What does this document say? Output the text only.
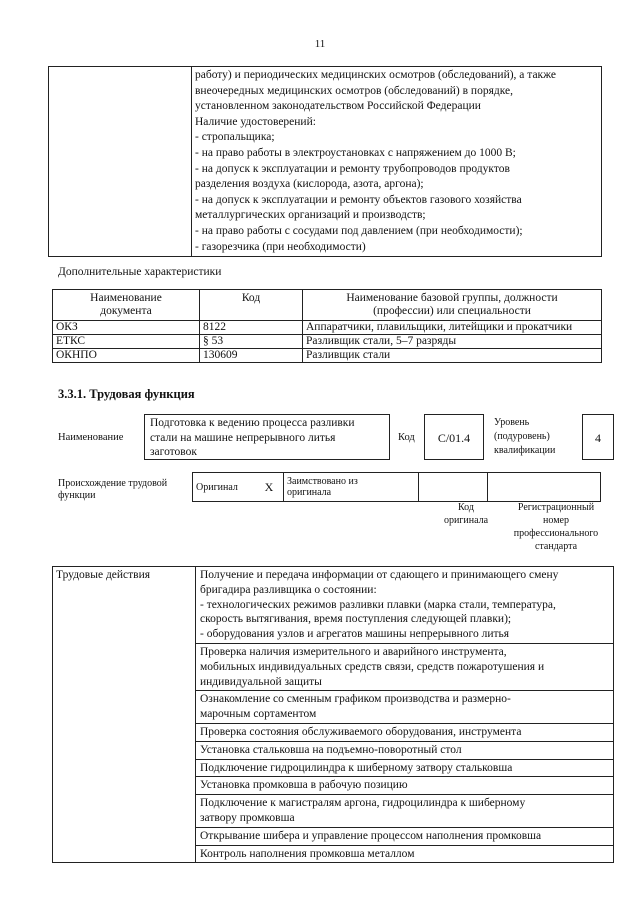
11

работу) и периодических медицинских осмотров (обследований), а также
внеочередных медицинских осмотров (обследований) в порядке,
установленном законодательством Российской Федерации
Наличие удостоверений:
- стропальщика;
- на право работы в электроустановках с напряжением до 1000 В;
- на допуск к эксплуатации и ремонту трубопроводов продуктов
разделения воздуха (кислорода, азота, аргона);
- на допуск к эксплуатации и ремонту объектов газового хозяйства
металлургических организаций и производств;
- на право работы с сосудами под давлением (при необходимости);
- газорезчика (при необходимости)
Дополнительные характеристики
Наименование
документа	Код	Наименование базовой группы, должности
(профессии) или специальности
ОКЗ	8122	Аппаратчики, плавильщики, литейщики и прокатчики
ЕТКС	§ 53	Разливщик стали, 5–7 разряды
ОКНПО	130609	Разливщик стали
3.3.1. Трудовая функция
Наименование
Подготовка к ведению процесса разливки
стали на машине непрерывного литья
заготовок
Код	C/01.4
Уровень
(подуровень)
квалификации
4
Происхождение трудовой
функции
Оригинал	X	Заимствовано из
оригинала		
Код
оригинала
Регистрационный
номер
профессионального
стандарта
Трудовые действия	Получение и передача информации от сдающего и принимающего смену
бригадира разливщика о состоянии:
- технологических режимов разливки плавки (марка стали, температура,
скорость вытягивания, время поступления следующей плавки);
- оборудования узлов и агрегатов машины непрерывного литья

Проверка наличия измерительного и аварийного инструмента,
мобильных индивидуальных средств связи, средств пожаротушения и
индивидуальной защиты

Ознакомление со сменным графиком производства и размерно-
марочным сортаментом

Проверка состояния обслуживаемого оборудования, инструмента

Установка стальковша на подъемно-поворотный стол

Подключение гидроцилиндра к шиберному затвору стальковша

Установка промковша в рабочую позицию

Подключение к магистралям аргона, гидроцилиндра к шиберному
затвору промковша

Открывание шибера и управление процессом наполнения промковша

Контроль наполнения промковша металлом
